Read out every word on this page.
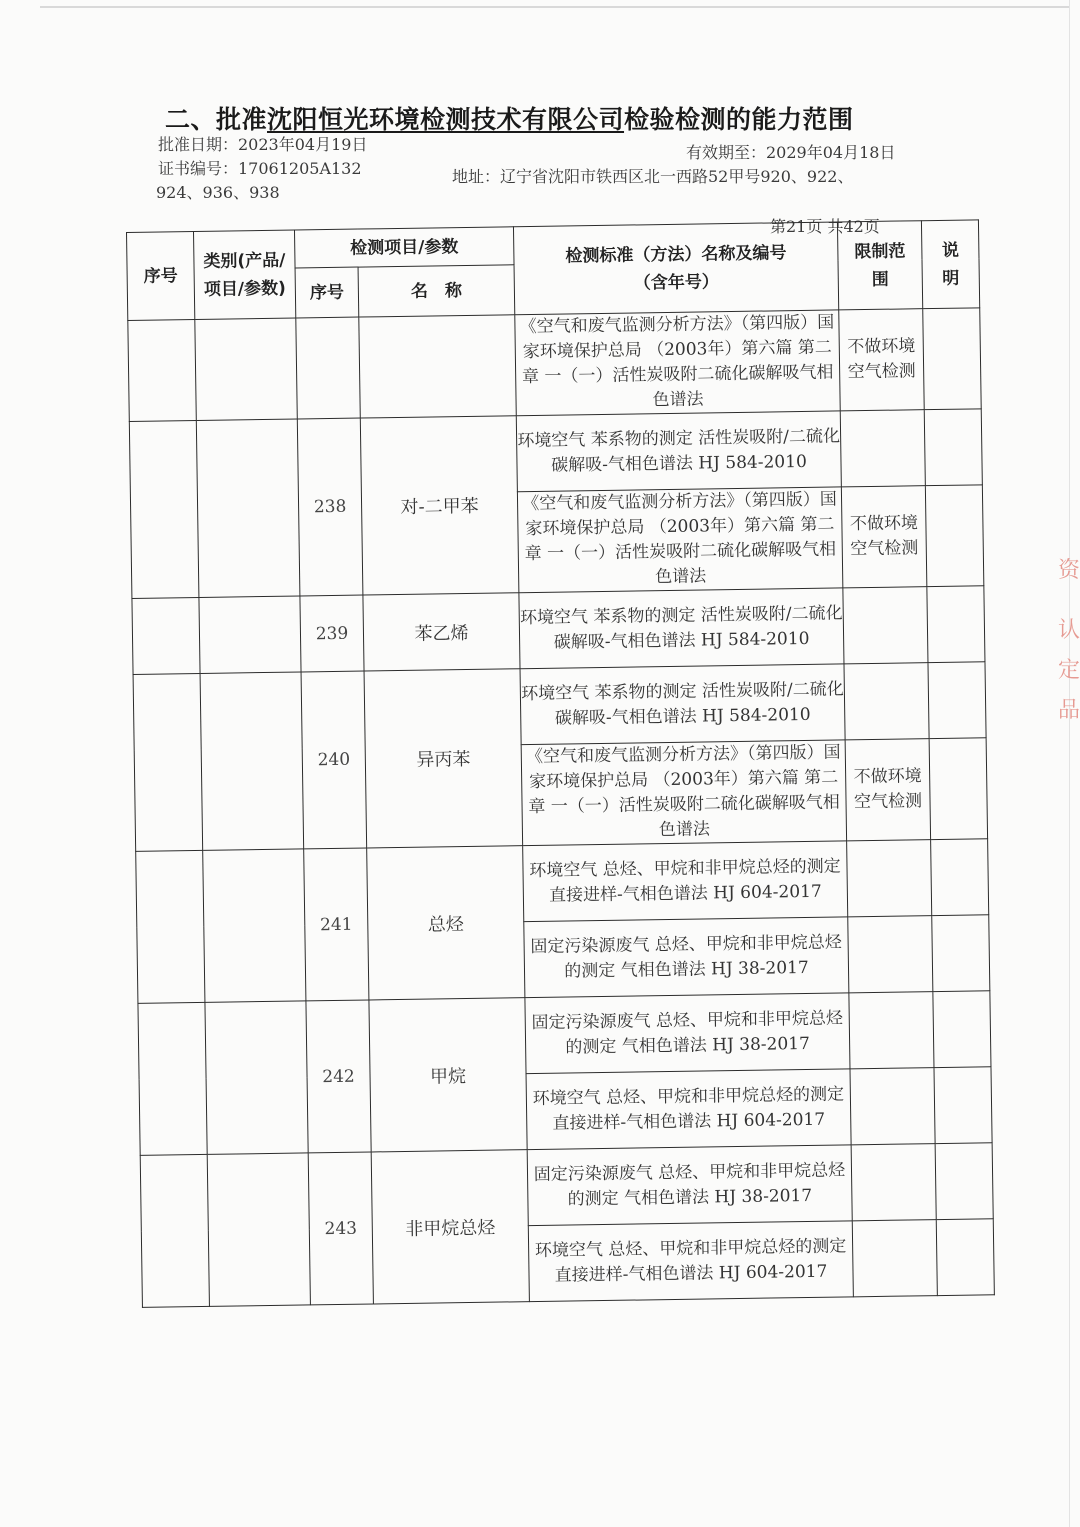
二、批准沈阳恒光环境检测技术有限公司检验检测的能力范围
批准日期：2023年04月19日	有效期至：2029年04月18日
证书编号：17061205A132	地址：辽宁省沈阳市铁西区北一西路52甲号920、922、
924、936、938
第21页 共42页
序号	类别(产品/项目/参数)	检测项目/参数		检测标准（方法）名称及编号（含年号）	限制范围	说明
		序号	名　称			
				《空气和废气监测分析方法》（第四版）国家环境保护总局 （2003年）第六篇 第二章 一（一）活性炭吸附二硫化碳解吸气相色谱法	不做环境空气检测	
		238	对-二甲苯	环境空气 苯系物的测定 活性炭吸附/二硫化碳解吸-气相色谱法 HJ 584-2010		
				《空气和废气监测分析方法》（第四版）国家环境保护总局 （2003年）第六篇 第二章 一（一）活性炭吸附二硫化碳解吸气相色谱法	不做环境空气检测	
		239	苯乙烯	环境空气 苯系物的测定 活性炭吸附/二硫化碳解吸-气相色谱法 HJ 584-2010		
		240	异丙苯	环境空气 苯系物的测定 活性炭吸附/二硫化碳解吸-气相色谱法 HJ 584-2010		
				《空气和废气监测分析方法》（第四版）国家环境保护总局 （2003年）第六篇 第二章 一（一）活性炭吸附二硫化碳解吸气相色谱法	不做环境空气检测	
		241	总烃	环境空气 总烃、甲烷和非甲烷总烃的测定 直接进样-气相色谱法 HJ 604-2017		
				固定污染源废气 总烃、甲烷和非甲烷总烃的测定 气相色谱法 HJ 38-2017		
		242	甲烷	固定污染源废气 总烃、甲烷和非甲烷总烃的测定 气相色谱法 HJ 38-2017		
				环境空气 总烃、甲烷和非甲烷总烃的测定 直接进样-气相色谱法 HJ 604-2017		
		243	非甲烷总烃	固定污染源废气 总烃、甲烷和非甲烷总烃的测定 气相色谱法 HJ 38-2017		
				环境空气 总烃、甲烷和非甲烷总烃的测定 直接进样-气相色谱法 HJ 604-2017		
资
认
定
品
